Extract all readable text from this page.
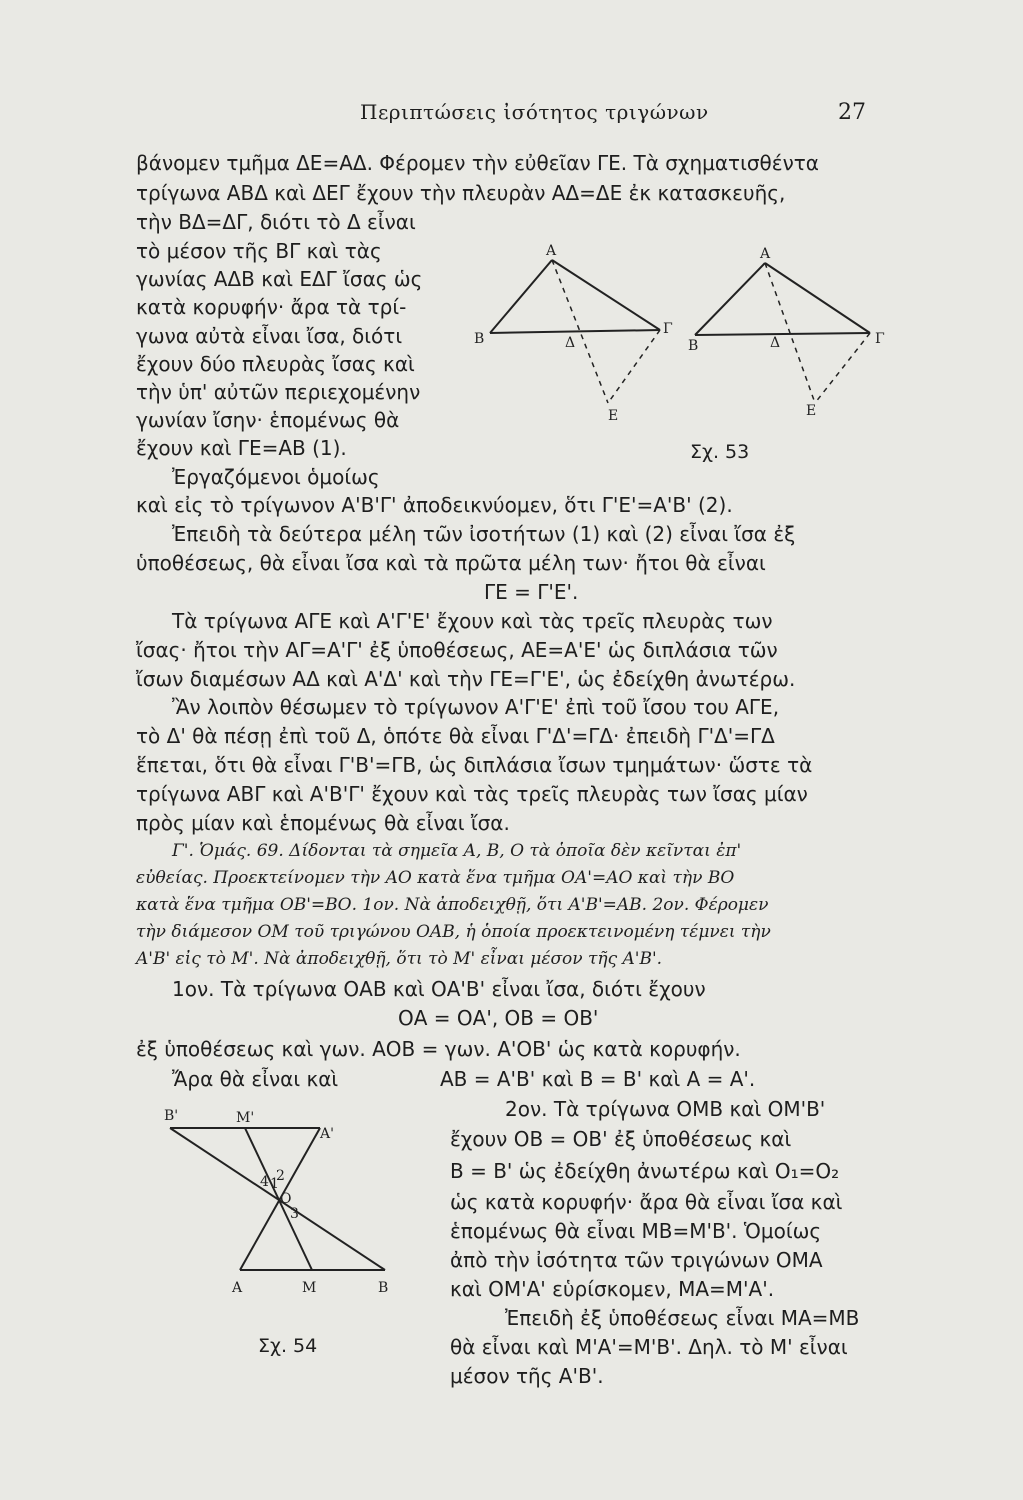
Περιπτώσεις ἰσότητος τριγώνων	27
βάνομεν τμῆμα ΔΕ=ΑΔ. Φέρομεν τὴν εὐθεῖαν ΓΕ. Τὰ σχηματισθέντα
τρίγωνα ΑΒΔ καὶ ΔΕΓ ἔχουν τὴν πλευρὰν ΑΔ=ΔΕ ἐκ κατασκευῆς,
τὴν ΒΔ=ΔΓ, διότι τὸ Δ εἶναι
τὸ μέσον τῆς ΒΓ καὶ τὰς
γωνίας ΑΔΒ καὶ ΕΔΓ ἴσας ὡς
κατὰ κορυφήν· ἄρα τὰ τρί-
γωνα αὐτὰ εἶναι ἴσα, διότι
ἔχουν δύο πλευρὰς ἴσας καὶ
τὴν ὑπ' αὐτῶν περιεχομένην
γωνίαν ἴσην· ἑπομένως θὰ
ἔχουν καὶ ΓΕ=ΑΒ (1).
Ἐργαζόμενοι ὁμοίως
καὶ εἰς τὸ τρίγωνον Α'Β'Γ' ἀποδεικνύομεν, ὅτι Γ'Ε'=Α'Β' (2).
Ἐπειδὴ τὰ δεύτερα μέλη τῶν ἰσοτήτων (1) καὶ (2) εἶναι ἴσα ἐξ
ὑποθέσεως, θὰ εἶναι ἴσα καὶ τὰ πρῶτα μέλη των· ἤτοι θὰ εἶναι
ΓΕ = Γ'Ε'.
Τὰ τρίγωνα ΑΓΕ καὶ Α'Γ'Ε' ἔχουν καὶ τὰς τρεῖς πλευρὰς των
ἴσας· ἤτοι τὴν ΑΓ=Α'Γ' ἐξ ὑποθέσεως, ΑΕ=Α'Ε' ὡς διπλάσια τῶν
ἴσων διαμέσων ΑΔ καὶ Α'Δ' καὶ τὴν ΓΕ=Γ'Ε', ὡς ἐδείχθη ἀνωτέρω.
Ἂν λοιπὸν θέσωμεν τὸ τρίγωνον Α'Γ'Ε' ἐπὶ τοῦ ἴσου του ΑΓΕ,
τὸ Δ' θὰ πέσῃ ἐπὶ τοῦ Δ, ὁπότε θὰ εἶναι Γ'Δ'=ΓΔ· ἐπειδὴ Γ'Δ'=ΓΔ
ἕπεται, ὅτι θὰ εἶναι Γ'Β'=ΓΒ, ὡς διπλάσια ἴσων τμημάτων· ὥστε τὰ
τρίγωνα ΑΒΓ καὶ Α'Β'Γ' ἔχουν καὶ τὰς τρεῖς πλευρὰς των ἴσας μίαν
πρὸς μίαν καὶ ἑπομένως θὰ εἶναι ἴσα.
Γ'. Ὁμάς. 69. Δίδονται τὰ σημεῖα Α, Β, Ο τὰ ὁποῖα δὲν κεῖνται ἐπ'
εὐθείας. Προεκτείνομεν τὴν ΑΟ κατὰ ἕνα τμῆμα ΟΑ'=ΑΟ καὶ τὴν ΒΟ
κατὰ ἕνα τμῆμα ΟΒ'=ΒΟ. 1ον. Νὰ ἀποδειχθῇ, ὅτι Α'Β'=ΑΒ. 2ον. Φέρομεν
τὴν διάμεσον ΟΜ τοῦ τριγώνου ΟΑΒ, ἡ ὁποία προεκτεινομένη τέμνει τὴν
Α'Β' εἰς τὸ Μ'. Νὰ ἀποδειχθῇ, ὅτι τὸ Μ' εἶναι μέσον τῆς Α'Β'.
1ον. Τὰ τρίγωνα ΟΑΒ καὶ ΟΑ'Β' εἶναι ἴσα, διότι ἔχουν
ΟΑ = ΟΑ', ΟΒ = ΟΒ'
ἐξ ὑποθέσεως καὶ γων. ΑΟΒ = γων. Α'ΟΒ' ὡς κατὰ κορυφήν.
Ἄρα θὰ εἶναι καὶ	ΑΒ = Α'Β' καὶ Β = Β' καὶ Α = Α'.
2ον. Τὰ τρίγωνα ΟΜΒ καὶ ΟΜ'Β'
ἔχουν ΟΒ = ΟΒ' ἐξ ὑποθέσεως καὶ
Β = Β' ὡς ἐδείχθη ἀνωτέρω καὶ Ο₁=Ο₂
ὡς κατὰ κορυφήν· ἄρα θὰ εἶναι ἴσα καὶ
ἑπομένως θὰ εἶναι ΜΒ=Μ'Β'. Ὁμοίως
ἀπὸ τὴν ἰσότητα τῶν τριγώνων ΟΜΑ
καὶ ΟΜ'Α' εὑρίσκομεν, ΜΑ=Μ'Α'.
Ἐπειδὴ ἐξ ὑποθέσεως εἶναι ΜΑ=ΜΒ
θὰ εἶναι καὶ Μ'Α'=Μ'Β'. Δηλ. τὸ Μ' εἶναι
μέσον τῆς Α'Β'.
Α
Β
Γ
Δ
Ε
Α
Β	Γ
Δ
Ε
Σχ. 53
Β'	Μ'
Α'
Ο
Α	Μ	Β
1
2
3
4
Σχ. 54
